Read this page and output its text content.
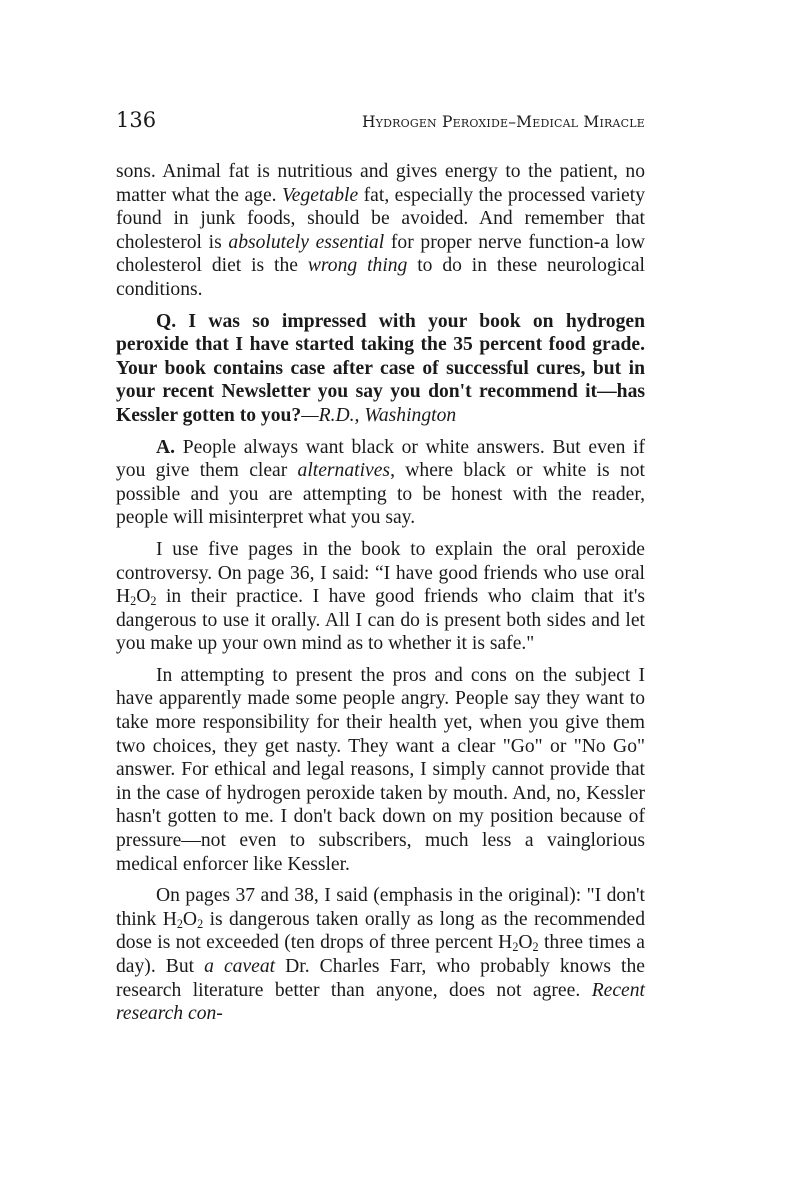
136	Hydrogen Peroxide–Medical Miracle

sons. Animal fat is nutritious and gives energy to the patient, no matter what the age. Vegetable fat, especially the processed variety found in junk foods, should be avoided. And remember that cholesterol is absolutely essential for proper nerve function-a low cholesterol diet is the wrong thing to do in these neurological conditions.

Q. I was so impressed with your book on hydrogen peroxide that I have started taking the 35 percent food grade. Your book contains case after case of successful cures, but in your recent Newsletter you say you don't recommend it—has Kessler gotten to you?—R.D., Washington

A. People always want black or white answers. But even if you give them clear alternatives, where black or white is not possible and you are attempting to be honest with the reader, people will misinterpret what you say.

I use five pages in the book to explain the oral peroxide controversy. On page 36, I said: “I have good friends who use oral $H_2O_2$ in their practice. I have good friends who claim that it's dangerous to use it orally. All I can do is present both sides and let you make up your own mind as to whether it is safe."

In attempting to present the pros and cons on the subject I have apparently made some people angry. People say they want to take more responsibility for their health yet, when you give them two choices, they get nasty. They want a clear "Go" or "No Go" answer. For ethical and legal reasons, I simply cannot provide that in the case of hydrogen peroxide taken by mouth. And, no, Kessler hasn't gotten to me. I don't back down on my position because of pressure—not even to subscribers, much less a vainglorious medical enforcer like Kessler.

On pages 37 and 38, I said (emphasis in the original): "I don't think $H_2O_2$ is dangerous taken orally as long as the recommended dose is not exceeded (ten drops of three percent $H_2O_2$ three times a day). But a caveat Dr. Charles Farr, who probably knows the research literature better than anyone, does not agree. Recent research con-
